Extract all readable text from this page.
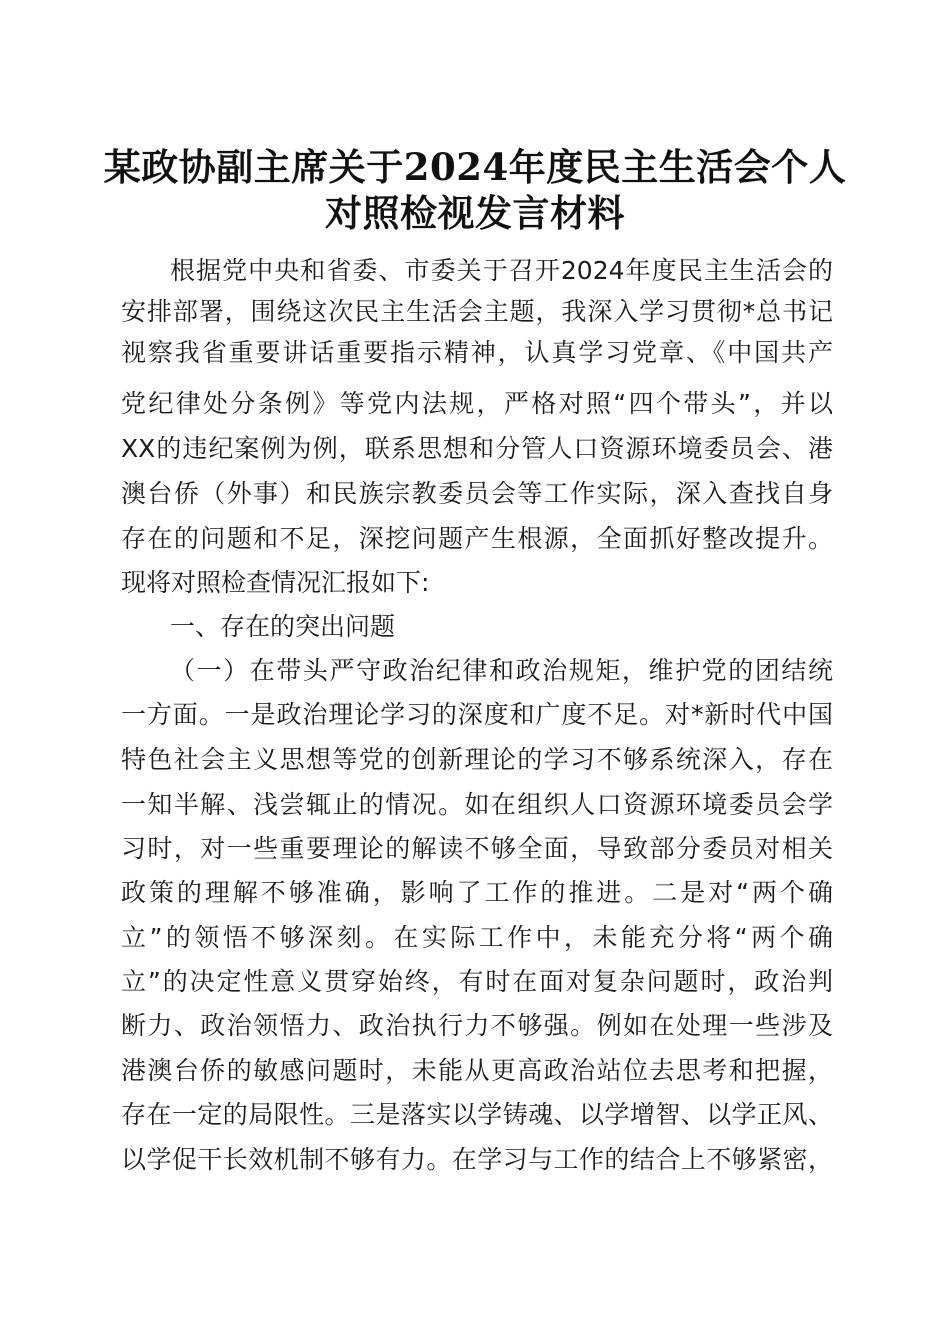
某政协副主席关于2024年度民主生活会个人
对照检视发言材料
根据党中央和省委、市委关于召开2024年度民主生活会的
安排部署，围绕这次民主生活会主题，我深入学习贯彻*总书记
视察我省重要讲话重要指示精神，认真学习党章、《中国共产
党纪律处分条例》等党内法规，严格对照“四个带头”，并以
XX的违纪案例为例，联系思想和分管人口资源环境委员会、港
澳台侨（外事）和民族宗教委员会等工作实际，深入查找自身
存在的问题和不足，深挖问题产生根源，全面抓好整改提升。
现将对照检查情况汇报如下:
一、存在的突出问题
（一）在带头严守政治纪律和政治规矩，维护党的团结统
一方面。一是政治理论学习的深度和广度不足。对*新时代中国
特色社会主义思想等党的创新理论的学习不够系统深入，存在
一知半解、浅尝辄止的情况。如在组织人口资源环境委员会学
习时，对一些重要理论的解读不够全面，导致部分委员对相关
政策的理解不够准确，影响了工作的推进。二是对“两个确
立”的领悟不够深刻。在实际工作中，未能充分将“两个确
立”的决定性意义贯穿始终，有时在面对复杂问题时，政治判
断力、政治领悟力、政治执行力不够强。例如在处理一些涉及
港澳台侨的敏感问题时，未能从更高政治站位去思考和把握，
存在一定的局限性。三是落实以学铸魂、以学增智、以学正风、
以学促干长效机制不够有力。在学习与工作的结合上不够紧密，
